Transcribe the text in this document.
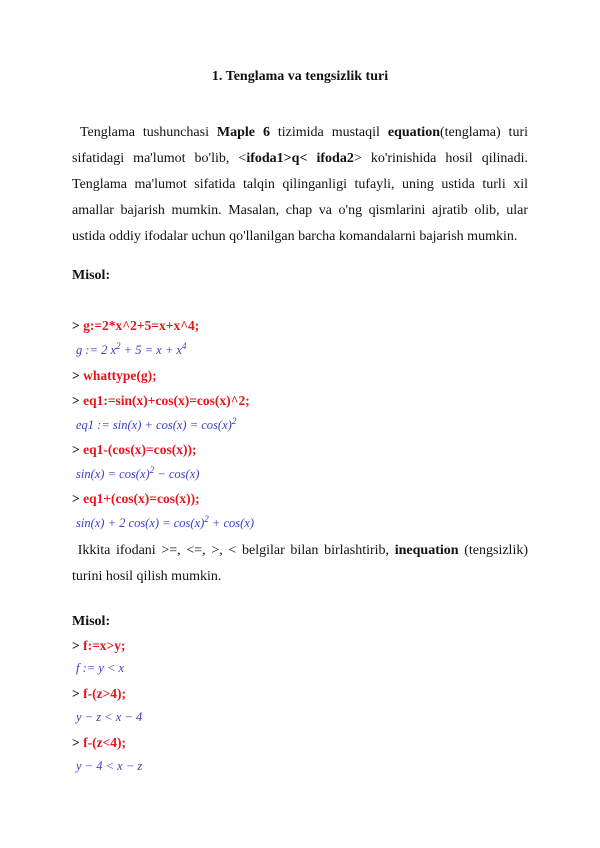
1. Tenglama va tengsizlik turi
Tenglama tushunchasi Maple 6 tizimida mustaqil equation(tenglama) turi sifatidagi ma'lumot bo'lib, <ifoda1>q< ifoda2> ko'rinishida hosil qilinadi. Tenglama ma'lumot sifatida talqin qilinganligi tufayli, uning ustida turli xil amallar bajarish mumkin. Masalan, chap va o'ng qismlarini ajratib olib, ular ustida oddiy ifodalar uchun qo'llanilgan barcha komandalarni bajarish mumkin.
Misol:
> g:=2*x^2+5=x+x^4;
g := 2 $x^2 + 5 = x + x^4$
> whattype(g);
> eq1:=sin(x)+cos(x)=cos(x)^2;
eq1 := $\sin(x) + \cos(x) = \cos(x)^2$
> eq1-(cos(x)=cos(x));
$\sin(x) = \cos(x)^2 - \cos(x)$
> eq1+(cos(x)=cos(x));
sin(x) + 2 $\cos(x) = \cos(x)^2 + \cos(x)$
Ikkita ifodani >=, <=, >, < belgilar bilan birlashtirib, inequation (tengsizlik) turini hosil qilish mumkin.
Misol:
> f:=x>y;
f := y < x
> f-(z>4);
y − z < x − 4
> f-(z<4);
y − 4 < x − z
